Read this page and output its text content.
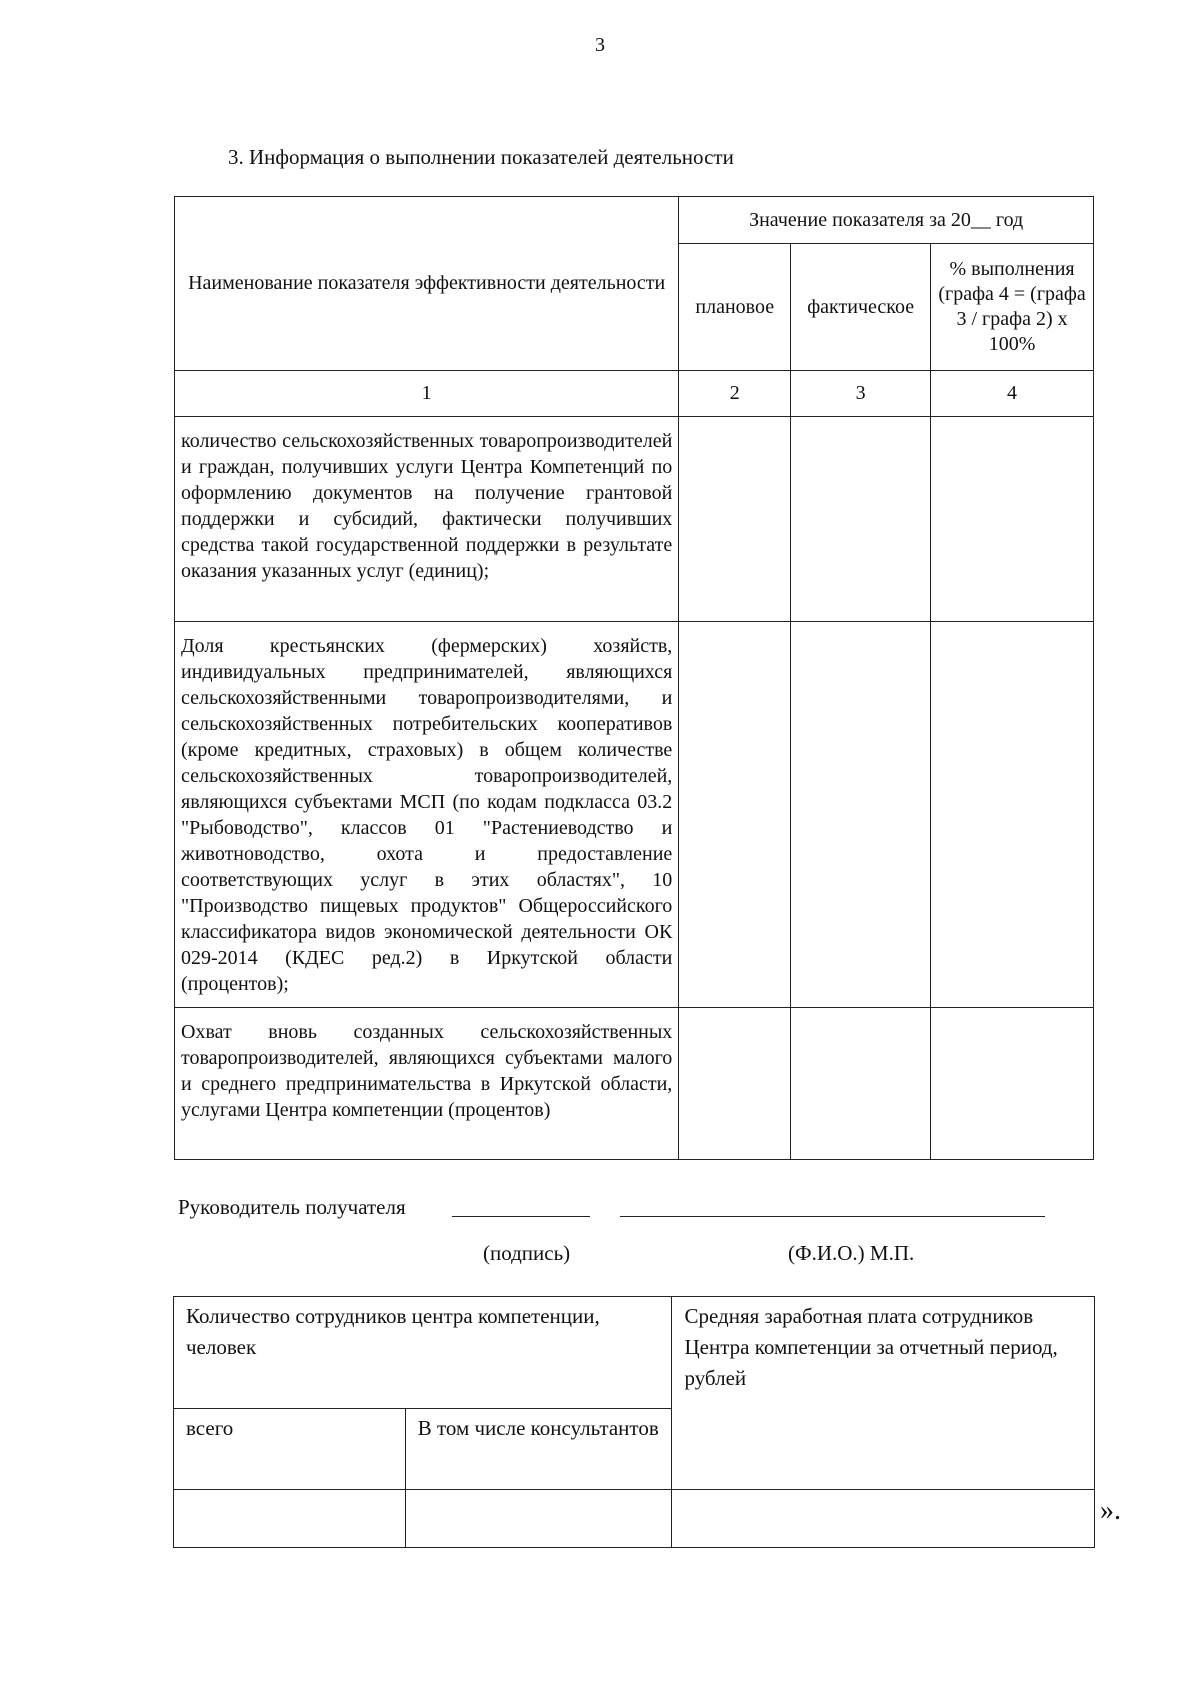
3
3. Информация о выполнении показателей деятельности
Наименование показателя эффективности деятельности	Значение показателя за 20__ год		
	плановое	фактическое	% выполнения (графа 4 = (графа 3 / графа 2) х 100%
1	2	3	4
количество сельскохозяйственных товаропроизводителей и граждан, получивших услуги Центра Компетенций по оформлению документов на получение грантовой поддержки и субсидий, фактически получивших средства такой государственной поддержки в результате оказания указанных услуг (единиц);			
Доля крестьянских (фермерских) хозяйств, индивидуальных предпринимателей, являющихся сельскохозяйственными товаропроизводителями, и сельскохозяйственных потребительских кооперативов (кроме кредитных, страховых) в общем количестве сельскохозяйственных товаропроизводителей, являющихся субъектами МСП (по кодам подкласса 03.2 "Рыбоводство", классов 01 "Растениеводство и животноводство, охота и предоставление соответствующих услуг в этих областях", 10 "Производство пищевых продуктов" Общероссийского классификатора видов экономической деятельности ОК 029-2014 (КДЕС ред.2) в Иркутской области (процентов);			
Охват вновь созданных сельскохозяйственных товаропроизводителей, являющихся субъектами малого и среднего предпринимательства в Иркутской области, услугами Центра компетенции (процентов)			
Руководитель получателя
(подпись)	(Ф.И.О.) М.П.
Количество сотрудников центра компетенции, человек		Средняя заработная плата сотрудников Центра компетенции за отчетный период, рублей
всего	В том числе консультантов	

».
